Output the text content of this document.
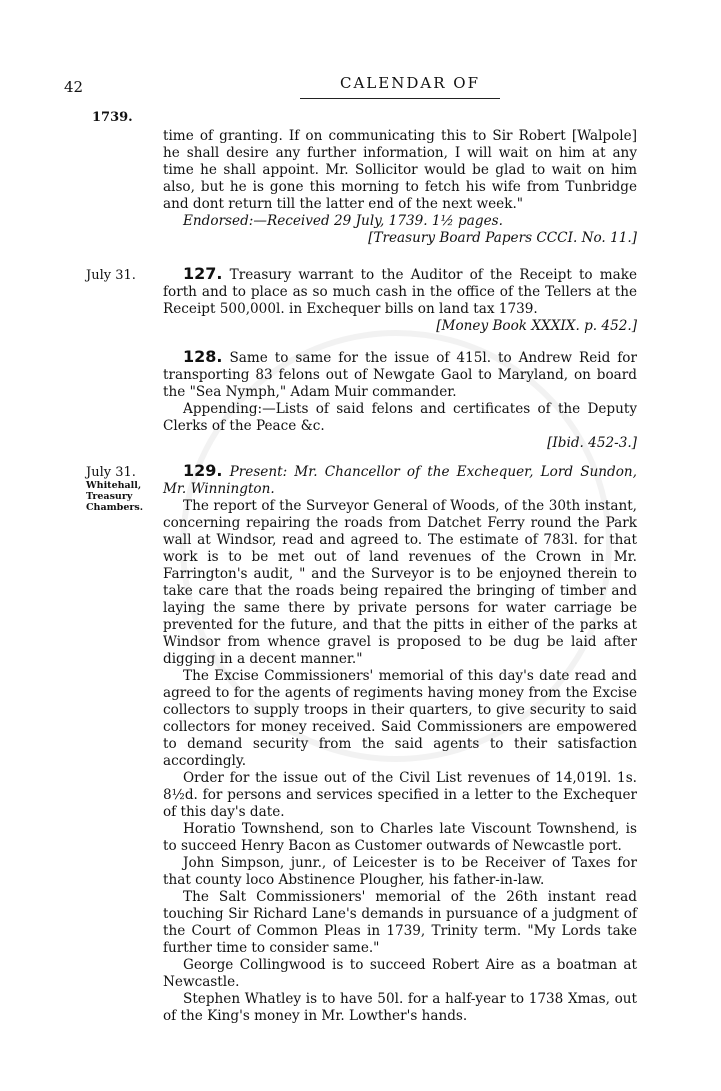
42	CALENDAR OF
1739.

time of granting. If on communicating this to Sir Robert [Walpole] he shall desire any further information, I will wait on him at any time he shall appoint. Mr. Sollicitor would be glad to wait on him also, but he is gone this morning to fetch his wife from Tunbridge and dont return till the latter end of the next week."

Endorsed:—Received 29 July, 1739. 1½ pages.

[Treasury Board Papers CCCI. No. 11.]

July 31.	127. Treasury warrant to the Auditor of the Receipt to make forth and to place as so much cash in the office of the Tellers at the Receipt 500,000l. in Exchequer bills on land tax 1739.

[Money Book XXXIX. p. 452.]

128. Same to same for the issue of 415l. to Andrew Reid for transporting 83 felons out of Newgate Gaol to Maryland, on board the "Sea Nymph," Adam Muir commander.

Appending:—Lists of said felons and certificates of the Deputy Clerks of the Peace &c.

[Ibid. 452-3.]

July 31.
Whitehall, Treasury Chambers.

129. Present: Mr. Chancellor of the Exchequer, Lord Sundon, Mr. Winnington.

The report of the Surveyor General of Woods, of the 30th instant, concerning repairing the roads from Datchet Ferry round the Park wall at Windsor, read and agreed to. The estimate of 783l. for that work is to be met out of land revenues of the Crown in Mr. Farrington's audit, " and the Surveyor is to be enjoyned therein to take care that the roads being repaired the bringing of timber and laying the same there by private persons for water carriage be prevented for the future, and that the pitts in either of the parks at Windsor from whence gravel is proposed to be dug be laid after digging in a decent manner."

The Excise Commissioners' memorial of this day's date read and agreed to for the agents of regiments having money from the Excise collectors to supply troops in their quarters, to give security to said collectors for money received. Said Commissioners are empowered to demand security from the said agents to their satisfaction accordingly.

Order for the issue out of the Civil List revenues of 14,019l. 1s. 8½d. for persons and services specified in a letter to the Exchequer of this day's date.

Horatio Townshend, son to Charles late Viscount Townshend, is to succeed Henry Bacon as Customer outwards of Newcastle port.

John Simpson, junr., of Leicester is to be Receiver of Taxes for that county loco Abstinence Plougher, his father-in-law.

The Salt Commissioners' memorial of the 26th instant read touching Sir Richard Lane's demands in pursuance of a judgment of the Court of Common Pleas in 1739, Trinity term. "My Lords take further time to consider same."

George Collingwood is to succeed Robert Aire as a boatman at Newcastle.

Stephen Whatley is to have 50l. for a half-year to 1738 Xmas, out of the King's money in Mr. Lowther's hands.
